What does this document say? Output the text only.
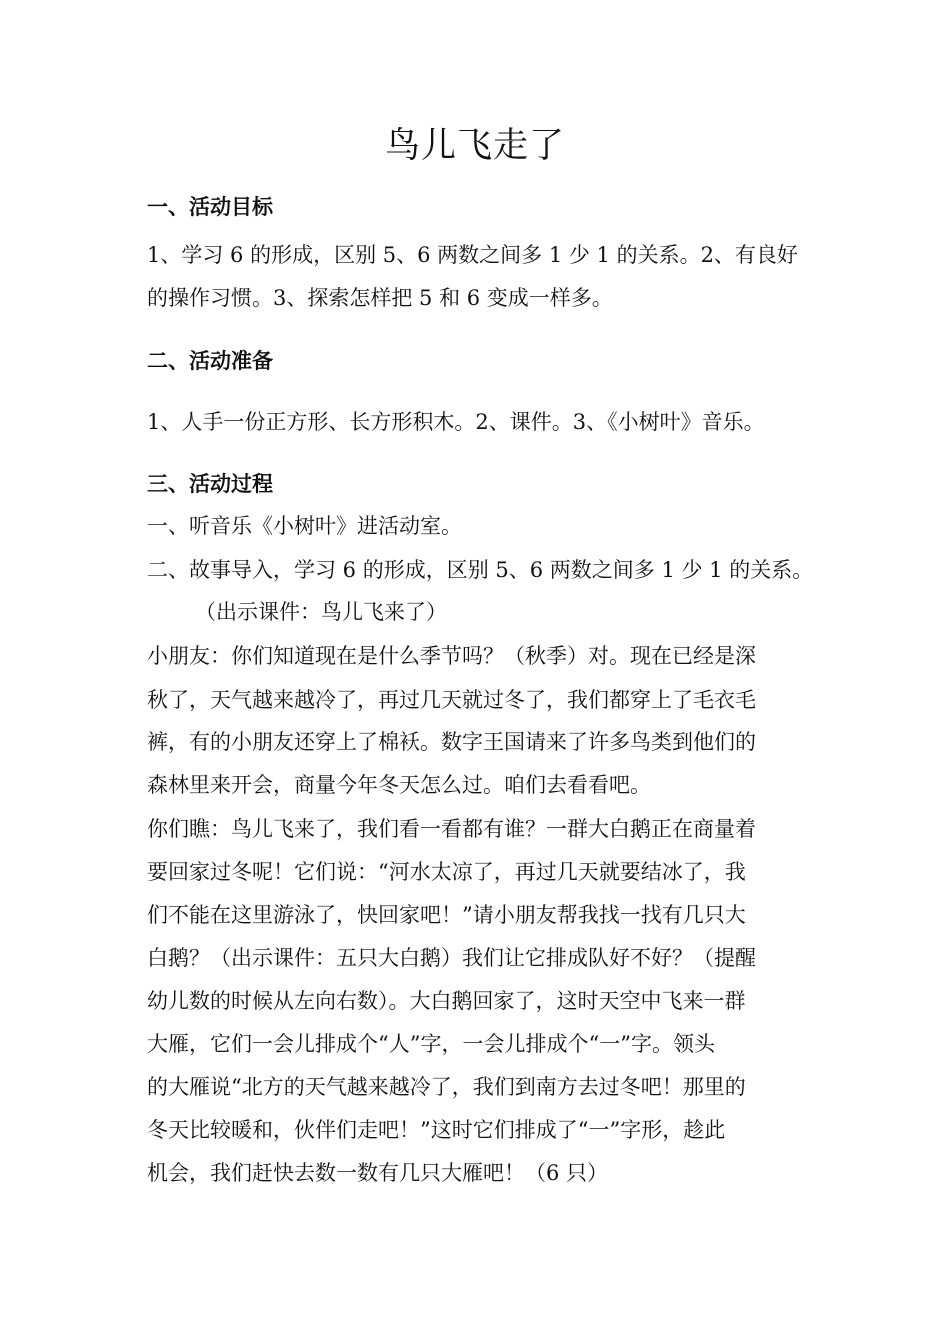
鸟儿飞走了
一、活动目标
1、学习 6 的形成，区别 5、6 两数之间多 1 少 1 的关系。2、有良好
的操作习惯。3、探索怎样把 5 和 6 变成一样多。
二、活动准备
1、人手一份正方形、长方形积木。2、课件。3、《小树叶》音乐。
三、活动过程
一、听音乐《小树叶》进活动室。
二、故事导入，学习 6 的形成，区别 5、6 两数之间多 1 少 1 的关系。
（出示课件：鸟儿飞来了）
小朋友：你们知道现在是什么季节吗？（秋季）对。现在已经是深
秋了，天气越来越冷了，再过几天就过冬了，我们都穿上了毛衣毛
裤，有的小朋友还穿上了棉袄。数字王国请来了许多鸟类到他们的
森林里来开会，商量今年冬天怎么过。咱们去看看吧。
你们瞧：鸟儿飞来了，我们看一看都有谁？一群大白鹅正在商量着
要回家过冬呢！它们说：“河水太凉了，再过几天就要结冰了，我
们不能在这里游泳了，快回家吧！”请小朋友帮我找一找有几只大
白鹅？（出示课件：五只大白鹅）我们让它排成队好不好？（提醒
幼儿数的时候从左向右数）。大白鹅回家了，这时天空中飞来一群
大雁，它们一会儿排成个“人”字，一会儿排成个“一”字。领头
的大雁说“北方的天气越来越冷了，我们到南方去过冬吧！那里的
冬天比较暖和，伙伴们走吧！”这时它们排成了“一”字形，趁此
机会，我们赶快去数一数有几只大雁吧！（6 只）
